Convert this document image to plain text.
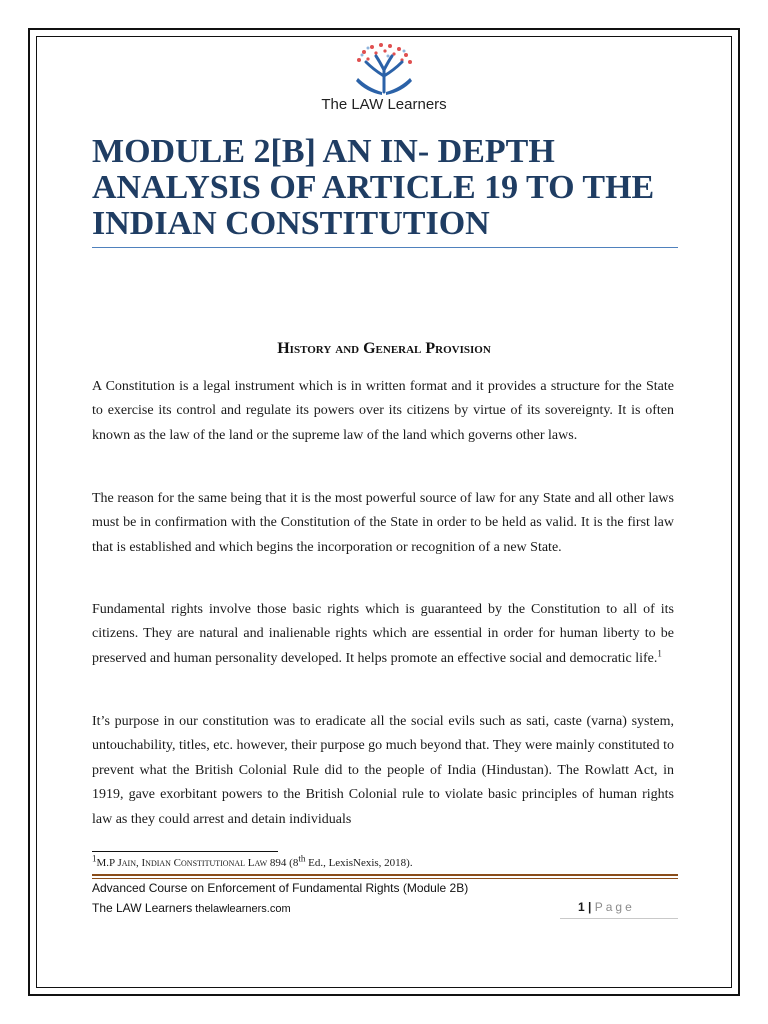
The LAW Learners
MODULE 2[B] AN IN- DEPTH ANALYSIS OF ARTICLE 19 TO THE INDIAN CONSTITUTION
History and General Provision

A Constitution is a legal instrument which is in written format and it provides a structure for the State to exercise its control and regulate its powers over its citizens by virtue of its sovereignty. It is often known as the law of the land or the supreme law of the land which governs other laws.

The reason for the same being that it is the most powerful source of law for any State and all other laws must be in confirmation with the Constitution of the State in order to be held as valid. It is the first law that is established and which begins the incorporation or recognition of a new State.

Fundamental rights involve those basic rights which is guaranteed by the Constitution to all of its citizens. They are natural and inalienable rights which are essential in order for human liberty to be preserved and human personality developed. It helps promote an effective social and democratic life.$^1$

It’s purpose in our constitution was to eradicate all the social evils such as sati, caste (varna) system, untouchability, titles, etc. however, their purpose go much beyond that. They were mainly constituted to prevent what the British Colonial Rule did to the people of India (Hindustan). The Rowlatt Act, in 1919, gave exorbitant powers to the British Colonial rule to violate basic principles of human rights law as they could arrest and detain individuals

$^1$M.P Jain, Indian Constitutional Law 894 (8th Ed., LexisNexis, 2018).

Advanced Course on Enforcement of Fundamental Rights (Module 2B)
The LAW Learners thelawlearners.com	1 | Page
